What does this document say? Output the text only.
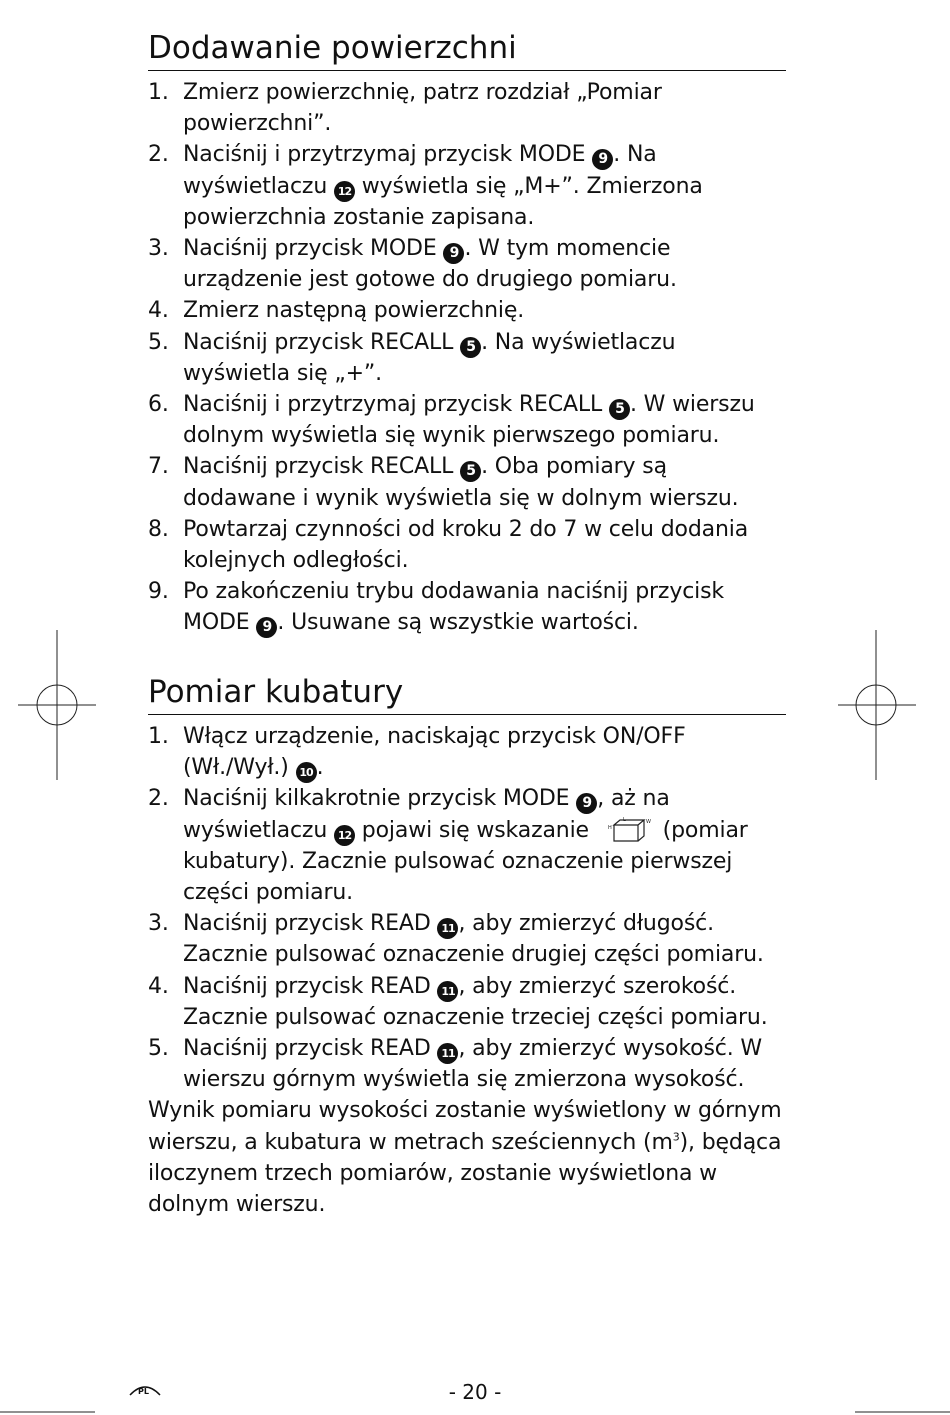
Dodawanie powierzchni
1. Zmierz powierzchnię, patrz rozdział „Pomiar powierzchni”.
2. Naciśnij i przytrzymaj przycisk MODE 9 . Na wyświetlaczu 12 wyświetla się „M+”. Zmierzona powierzchnia zostanie zapisana.
3. Naciśnij przycisk MODE 9 . W tym momencie urządzenie jest gotowe do drugiego pomiaru.
4. Zmierz następną powierzchnię.
5. Naciśnij przycisk RECALL 5 . Na wyświetlaczu wyświetla się „+”.
6. Naciśnij i przytrzymaj przycisk RECALL 5 . W wierszu dolnym wyświetla się wynik pierwszego pomiaru.
7. Naciśnij przycisk RECALL 5 . Oba pomiary są dodawane i wynik wyświetla się w dolnym wierszu.
8. Powtarzaj czynności od kroku 2 do 7 w celu dodania kolejnych odległości.
9. Po zakończeniu trybu dodawania naciśnij przycisk MODE 9 . Usuwane są wszystkie wartości.
Pomiar kubatury
1. Włącz urządzenie, naciskając przycisk ON/OFF (Wł./Wył.) 10 .
2. Naciśnij kilkakrotnie przycisk MODE 9 , aż na wyświetlaczu 12 pojawi się wskazanie	L	W
H (pomiar kubatury). Zacznie pulsować oznaczenie pierwszej części pomiaru.
3. Naciśnij przycisk READ 11 , aby zmierzyć długość. Zacznie pulsować oznaczenie drugiej części pomiaru.
4. Naciśnij przycisk READ 11 , aby zmierzyć szerokość. Zacznie pulsować oznaczenie trzeciej części pomiaru.
5. Naciśnij przycisk READ 11 , aby zmierzyć wysokość. W wierszu górnym wyświetla się zmierzona wysokość.

Wynik pomiaru wysokości zostanie wyświetlony w górnym wierszu, a kubatura w metrach sześciennych $(m^3)$, będąca iloczynem trzech pomiarów, zostanie wyświetlona w dolnym wierszu.

PL	- 20 -
